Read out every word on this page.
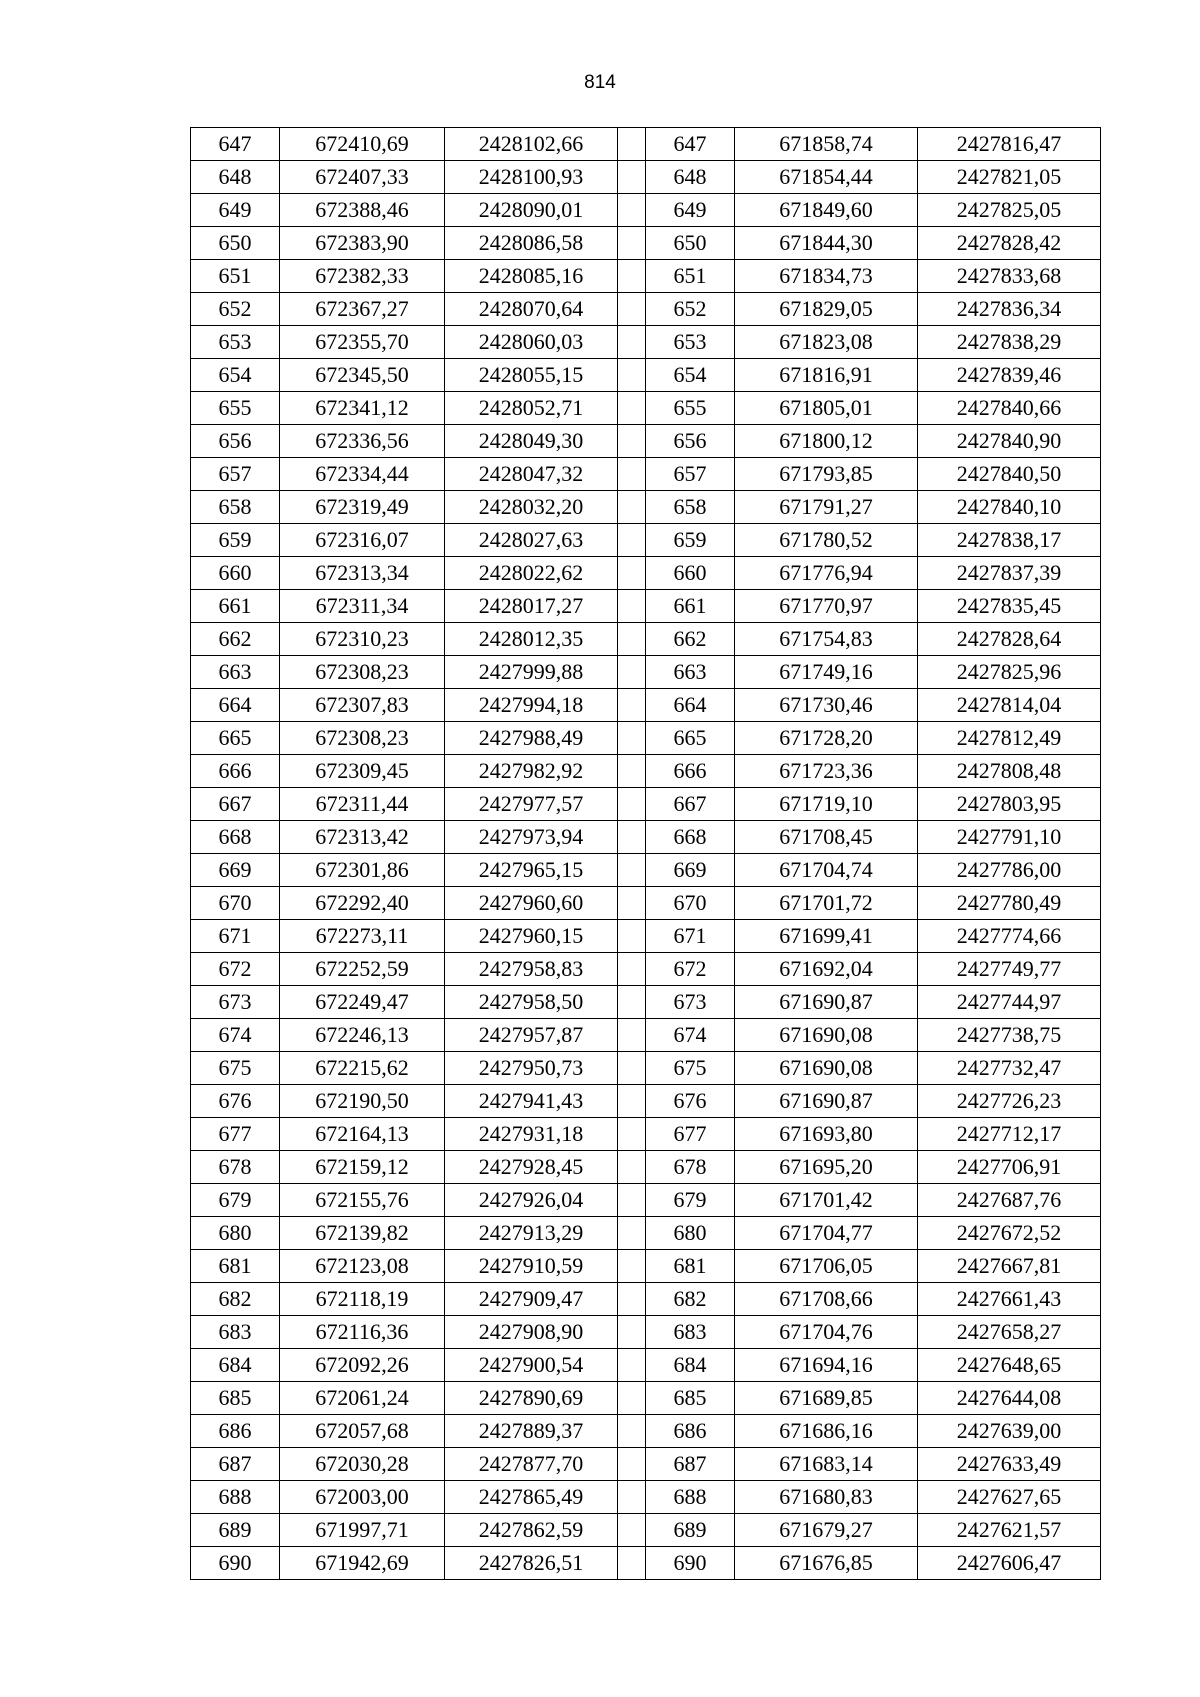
814
647	672410,69	2428102,66		647	671858,74	2427816,47
648	672407,33	2428100,93		648	671854,44	2427821,05
649	672388,46	2428090,01		649	671849,60	2427825,05
650	672383,90	2428086,58		650	671844,30	2427828,42
651	672382,33	2428085,16		651	671834,73	2427833,68
652	672367,27	2428070,64		652	671829,05	2427836,34
653	672355,70	2428060,03		653	671823,08	2427838,29
654	672345,50	2428055,15		654	671816,91	2427839,46
655	672341,12	2428052,71		655	671805,01	2427840,66
656	672336,56	2428049,30		656	671800,12	2427840,90
657	672334,44	2428047,32		657	671793,85	2427840,50
658	672319,49	2428032,20		658	671791,27	2427840,10
659	672316,07	2428027,63		659	671780,52	2427838,17
660	672313,34	2428022,62		660	671776,94	2427837,39
661	672311,34	2428017,27		661	671770,97	2427835,45
662	672310,23	2428012,35		662	671754,83	2427828,64
663	672308,23	2427999,88		663	671749,16	2427825,96
664	672307,83	2427994,18		664	671730,46	2427814,04
665	672308,23	2427988,49		665	671728,20	2427812,49
666	672309,45	2427982,92		666	671723,36	2427808,48
667	672311,44	2427977,57		667	671719,10	2427803,95
668	672313,42	2427973,94		668	671708,45	2427791,10
669	672301,86	2427965,15		669	671704,74	2427786,00
670	672292,40	2427960,60		670	671701,72	2427780,49
671	672273,11	2427960,15		671	671699,41	2427774,66
672	672252,59	2427958,83		672	671692,04	2427749,77
673	672249,47	2427958,50		673	671690,87	2427744,97
674	672246,13	2427957,87		674	671690,08	2427738,75
675	672215,62	2427950,73		675	671690,08	2427732,47
676	672190,50	2427941,43		676	671690,87	2427726,23
677	672164,13	2427931,18		677	671693,80	2427712,17
678	672159,12	2427928,45		678	671695,20	2427706,91
679	672155,76	2427926,04		679	671701,42	2427687,76
680	672139,82	2427913,29		680	671704,77	2427672,52
681	672123,08	2427910,59		681	671706,05	2427667,81
682	672118,19	2427909,47		682	671708,66	2427661,43
683	672116,36	2427908,90		683	671704,76	2427658,27
684	672092,26	2427900,54		684	671694,16	2427648,65
685	672061,24	2427890,69		685	671689,85	2427644,08
686	672057,68	2427889,37		686	671686,16	2427639,00
687	672030,28	2427877,70		687	671683,14	2427633,49
688	672003,00	2427865,49		688	671680,83	2427627,65
689	671997,71	2427862,59		689	671679,27	2427621,57
690	671942,69	2427826,51		690	671676,85	2427606,47
